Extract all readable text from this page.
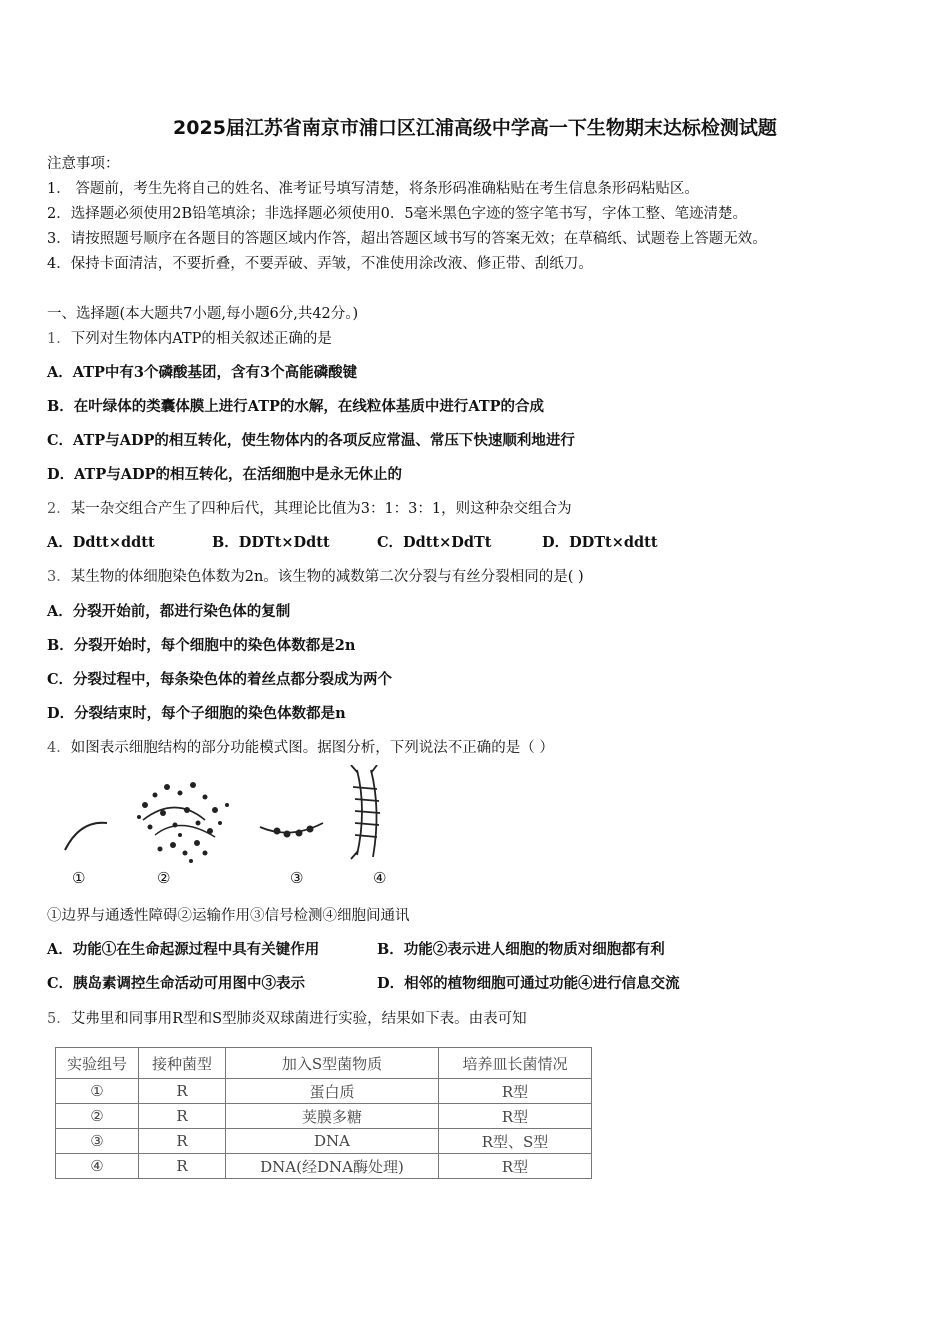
2025届江苏省南京市浦口区江浦高级中学高一下生物期末达标检测试题
注意事项：
1． 答题前，考生先将自己的姓名、准考证号填写清楚，将条形码准确粘贴在考生信息条形码粘贴区。
2．选择题必须使用2B铅笔填涂；非选择题必须使用0．5毫米黑色字迹的签字笔书写，字体工整、笔迹清楚。
3．请按照题号顺序在各题目的答题区域内作答，超出答题区域书写的答案无效；在草稿纸、试题卷上答题无效。
4．保持卡面清洁，不要折叠，不要弄破、弄皱，不准使用涂改液、修正带、刮纸刀。
一、选择题(本大题共7小题,每小题6分,共42分。)
1．下列对生物体内ATP的相关叙述正确的是
A．ATP中有3个磷酸基团，含有3个高能磷酸键
B．在叶绿体的类囊体膜上进行ATP的水解，在线粒体基质中进行ATP的合成
C．ATP与ADP的相互转化，使生物体内的各项反应常温、常压下快速顺利地进行
D．ATP与ADP的相互转化，在活细胞中是永无休止的
2．某一杂交组合产生了四种后代，其理论比值为3：1：3：1，则这种杂交组合为
A．Ddtt×ddtt	B．DDTt×Ddtt	C．Ddtt×DdTt	D．DDTt×ddtt
3．某生物的体细胞染色体数为2n。该生物的减数第二次分裂与有丝分裂相同的是( )
A．分裂开始前，都进行染色体的复制
B．分裂开始时，每个细胞中的染色体数都是2n
C．分裂过程中，每条染色体的着丝点都分裂成为两个
D．分裂结束时，每个子细胞的染色体数都是n
4．如图表示细胞结构的部分功能模式图。据图分析，下列说法不正确的是（ ）
①	②	③	④
①边界与通透性障碍②运输作用③信号检测④细胞间通讯
A．功能①在生命起源过程中具有关键作用	B．功能②表示进人细胞的物质对细胞都有利
C．胰岛素调控生命活动可用图中③表示	D．相邻的植物细胞可通过功能④进行信息交流
5．艾弗里和同事用R型和S型肺炎双球菌进行实验，结果如下表。由表可知
实验组号	接种菌型	加入S型菌物质	培养皿长菌情况
①	R	蛋白质	R型
②	R	荚膜多糖	R型
③	R	DNA	R型、S型
④	R	DNA(经DNA酶处理)	R型
